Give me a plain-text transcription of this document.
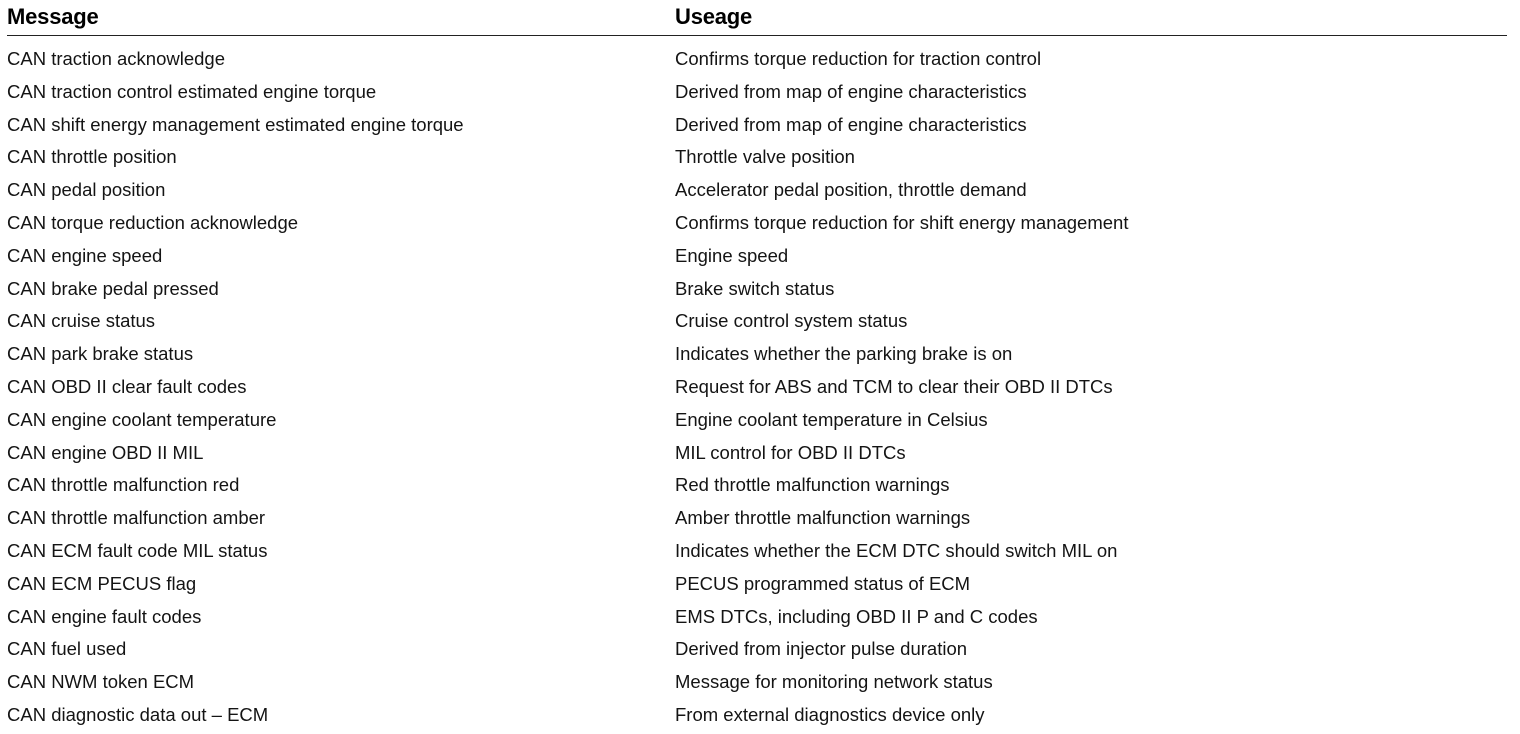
Message	Useage
CAN traction acknowledge	Confirms torque reduction for traction control
CAN traction control estimated engine torque	Derived from map of engine characteristics
CAN shift energy management estimated engine torque	Derived from map of engine characteristics
CAN throttle position	Throttle valve position
CAN pedal position	Accelerator pedal position, throttle demand
CAN torque reduction acknowledge	Confirms torque reduction for shift energy management
CAN engine speed	Engine speed
CAN brake pedal pressed	Brake switch status
CAN cruise status	Cruise control system status
CAN park brake status	Indicates whether the parking brake is on
CAN OBD II clear fault codes	Request for ABS and TCM to clear their OBD II DTCs
CAN engine coolant temperature	Engine coolant temperature in Celsius
CAN engine OBD II MIL	MIL control for OBD II DTCs
CAN throttle malfunction red	Red throttle malfunction warnings
CAN throttle malfunction amber	Amber throttle malfunction warnings
CAN ECM fault code MIL status	Indicates whether the ECM DTC should switch MIL on
CAN ECM PECUS flag	PECUS programmed status of ECM
CAN engine fault codes	EMS DTCs, including OBD II P and C codes
CAN fuel used	Derived from injector pulse duration
CAN NWM token ECM	Message for monitoring network status
CAN diagnostic data out – ECM	From external diagnostics device only
